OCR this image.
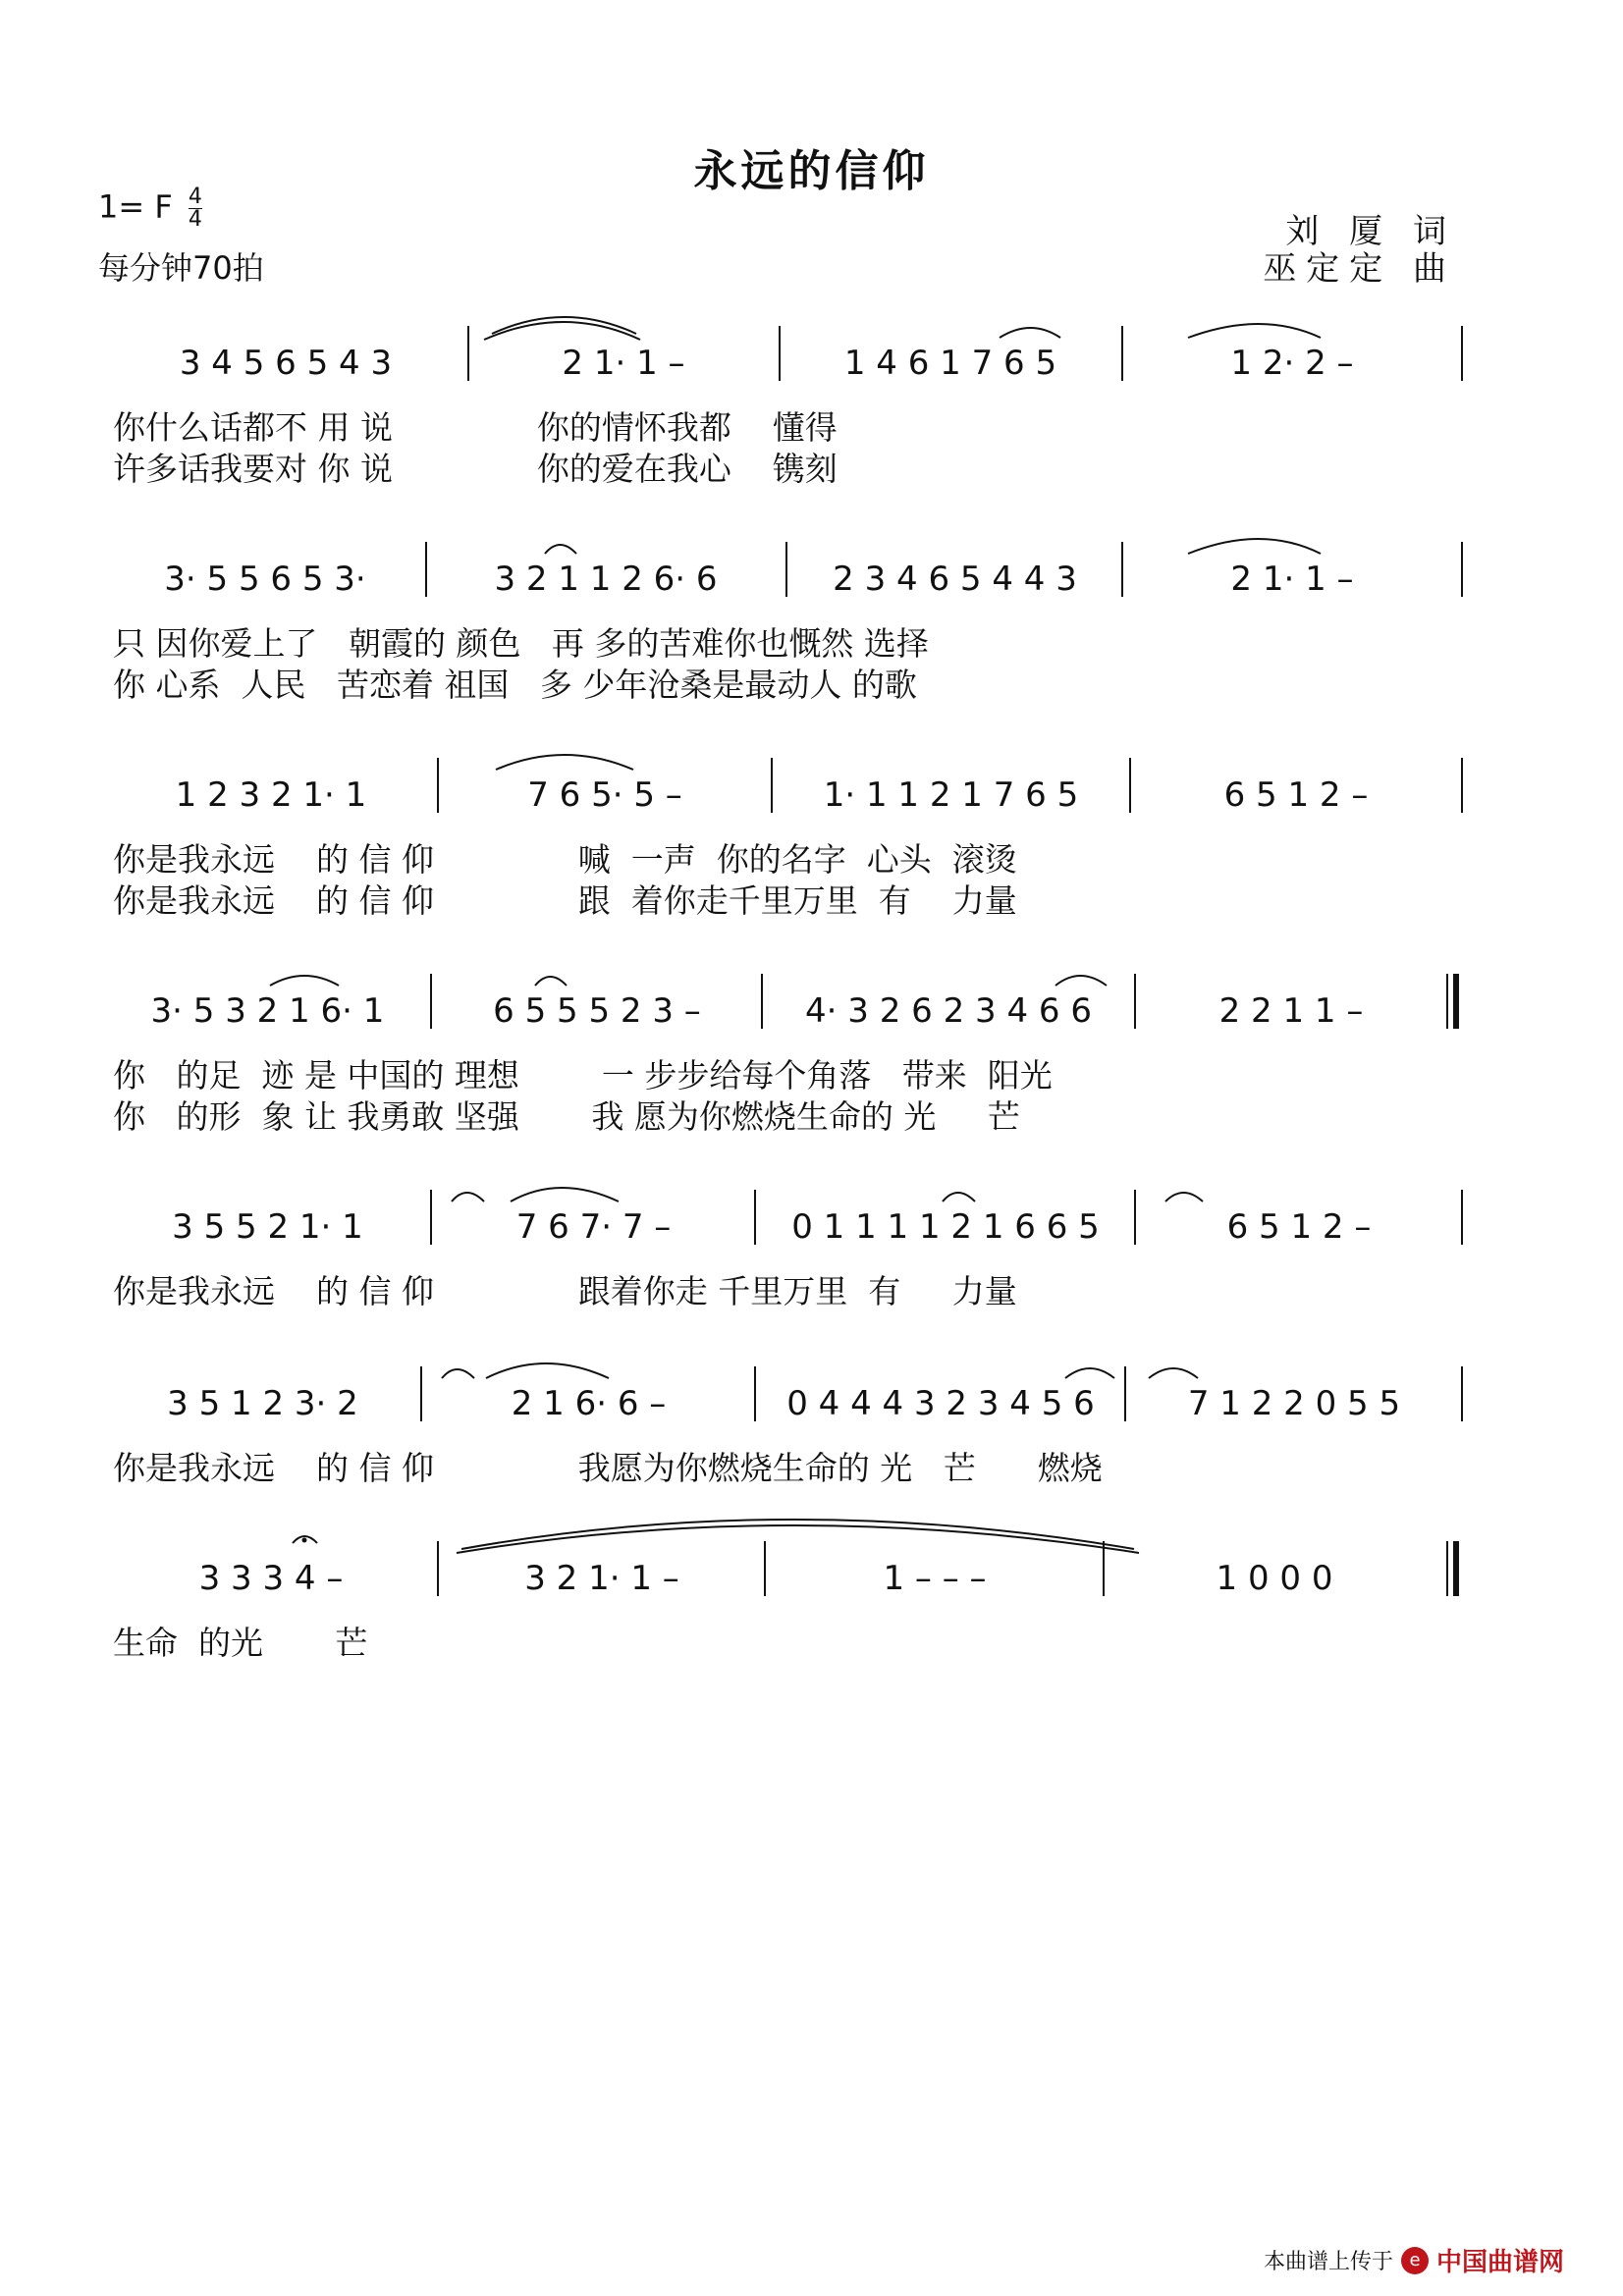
永远的信仰
1= F $\frac{4}{4}$
每分钟70拍
刘 厦 词
巫定定 曲
3 4 5 6 5 4 3	2 1· 1 –	1 4 6 1 7 6 5	1 2· 2 –
你什么话都不 用 说              你的情怀我都    懂得
许多话我要对 你 说              你的爱在我心    镌刻
3· 5 5 6 5 3·	3 2 1 1 2 6· 6	2 3 4 6 5 4 4 3	2 1· 1 –
只 因你爱上了   朝霞的 颜色   再 多的苦难你也慨然 选择
你 心系  人民   苦恋着 祖国   多 少年沧桑是最动人 的歌
1 2 3 2 1· 1	7 6 5· 5 –	1· 1 1 2 1 7 6 5	6 5 1 2 –
你是我永远    的 信 仰              喊  一声  你的名字  心头  滚烫
你是我永远    的 信 仰              跟  着你走千里万里  有    力量
3· 5 3 2 1 6· 1	6 5 5 5 2 3 –	4· 3 2 6 2 3 4 6 6	2 2 1 1 –
你   的足  迹 是 中国的 理想        一 步步给每个角落   带来  阳光
你   的形  象 让 我勇敢 坚强       我 愿为你燃烧生命的 光     芒
3 5 5 2 1· 1	7 6 7· 7 –	0 1 1 1 1 2 1 6 6 5	6 5 1 2 –
你是我永远    的 信 仰              跟着你走 千里万里  有     力量
3 5 1 2 3· 2	2 1 6· 6 –	0 4 4 4 3 2 3 4 5 6	7 1 2 2 0 5 5
你是我永远    的 信 仰              我愿为你燃烧生命的 光   芒      燃烧
3 3 3 4 –	3 2 1· 1 –	1 – – –	1 0 0 0
生命  的光       芒
本曲谱上传于 e 中国曲谱网
